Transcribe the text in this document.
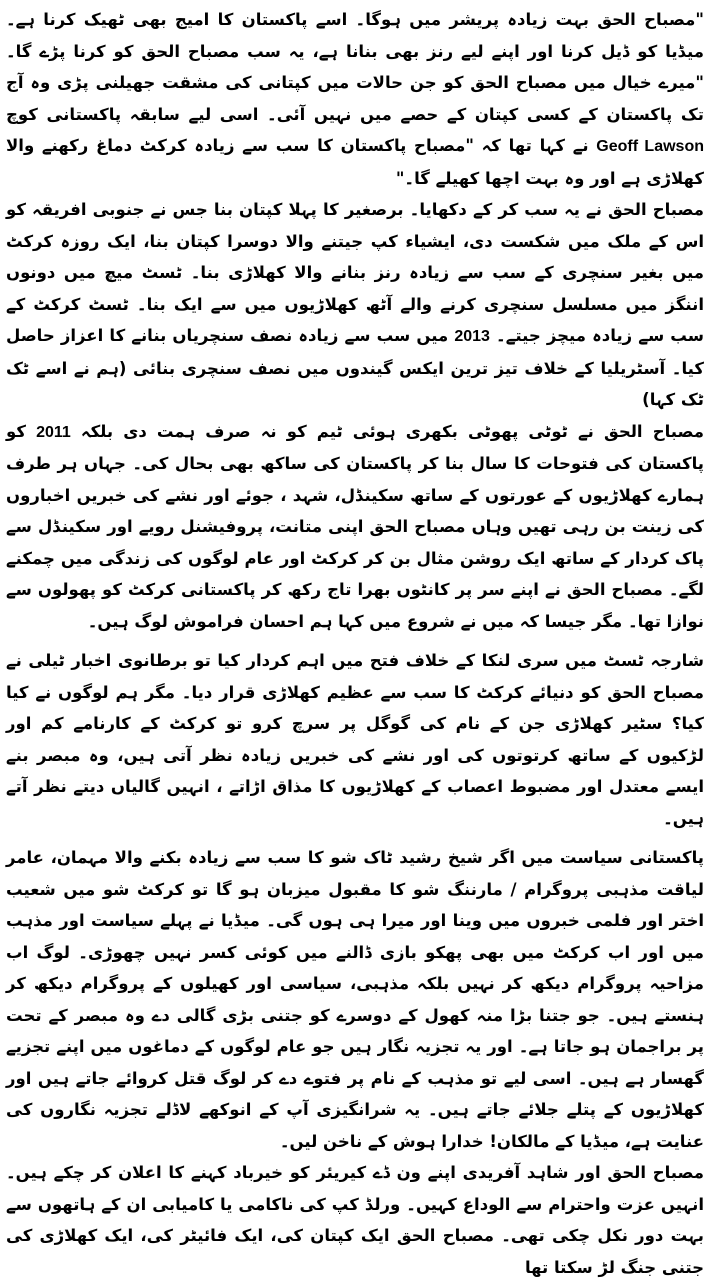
"مصباح الحق بہت زیادہ پریشر میں ہوگا۔ اسے پاکستان کا امیج بھی ٹھیک کرنا ہے۔ میڈیا کو ڈیل کرنا اور اپنے لیے رنز بھی بنانا ہے، یہ سب مصباح الحق کو کرنا پڑے گا۔ "میرے خیال میں مصباح الحق کو جن حالات میں کپتانی کی مشقت جھیلنی پڑی وہ آج تک پاکستان کے کسی کپتان کے حصے میں نہیں آئی۔ اسی لیے سابقہ پاکستانی کوچ Geoff Lawson نے کہا تھا کہ "مصباح پاکستان کا سب سے زیادہ کرکٹ دماغ رکھنے والا کھلاڑی ہے اور وہ بہت اچھا کھیلے گا۔"

مصباح الحق نے یہ سب کر کے دکھایا۔ برصغیر کا پہلا کپتان بنا جس نے جنوبی افریقہ کو اس کے ملک میں شکست دی، ایشیاء کپ جیتنے والا دوسرا کپتان بنا، ایک روزہ کرکٹ میں بغیر سنچری کے سب سے زیادہ رنز بنانے والا کھلاڑی بنا۔ ٹسٹ میچ میں دونوں اننگز میں مسلسل سنچری کرنے والے آٹھ کھلاڑیوں میں سے ایک بنا۔ ٹسٹ کرکٹ کے سب سے زیادہ میچز جیتے۔ 2013 میں سب سے زیادہ نصف سنچریاں بنانے کا اعزاز حاصل کیا۔ آسٹریلیا کے خلاف تیز ترین ایکس گیندوں میں نصف سنچری بنائی (ہم نے اسے ٹک ٹک کہا)

مصباح الحق نے ٹوٹی پھوٹی بکھری ہوئی ٹیم کو نہ صرف ہمت دی بلکہ 2011 کو پاکستان کی فتوحات کا سال بنا کر پاکستان کی ساکھ بھی بحال کی۔ جہاں ہر طرف ہمارے کھلاڑیوں کے عورتوں کے ساتھ سکینڈل، شہد ، جوئے اور نشے کی خبریں اخباروں کی زینت بن رہی تھیں وہاں مصباح الحق اپنی متانت، پروفیشنل رویے اور سکینڈل سے پاک کردار کے ساتھ ایک روشن مثال بن کر کرکٹ اور عام لوگوں کی زندگی میں چمکنے لگے۔ مصباح الحق نے اپنے سر پر کانٹوں بھرا تاج رکھ کر پاکستانی کرکٹ کو پھولوں سے نوازا تھا۔ مگر جیسا کہ میں نے شروع میں کہا ہم احسان فراموش لوگ ہیں۔

شارجہ ٹسٹ میں سری لنکا کے خلاف فتح میں اہم کردار کیا تو برطانوی اخبار ٹیلی نے مصباح الحق کو دنیائے کرکٹ کا سب سے عظیم کھلاڑی قرار دیا۔ مگر ہم لوگوں نے کیا کیا؟ سٹیر کھلاڑی جن کے نام کی گوگل پر سرچ کرو تو کرکٹ کے کارنامے کم اور لڑکیوں کے ساتھ کرتوتوں کی اور نشے کی خبریں زیادہ نظر آتی ہیں، وہ مبصر بنے ایسے معتدل اور مضبوط اعصاب کے کھلاڑیوں کا مذاق اڑاتے ، انہیں گالیاں دیتے نظر آتے ہیں۔

پاکستانی سیاست میں اگر شیخ رشید ٹاک شو کا سب سے زیادہ بکنے والا مہمان، عامر لیاقت مذہبی پروگرام / مارننگ شو کا مقبول میزبان ہو گا تو کرکٹ شو میں شعیب اختر اور فلمی خبروں میں وینا اور میرا ہی ہوں گی۔ میڈیا نے پہلے سیاست اور مذہب میں اور اب کرکٹ میں بھی پھکو بازی ڈالنے میں کوئی کسر نہیں چھوڑی۔ لوگ اب مزاحیہ پروگرام دیکھ کر نہیں بلکہ مذہبی، سیاسی اور کھیلوں کے پروگرام دیکھ کر ہنستے ہیں۔ جو جتنا بڑا منہ کھول کے دوسرے کو جتنی بڑی گالی دے وہ مبصر کے تحت پر براجمان ہو جاتا ہے۔ اور یہ تجزیہ نگار ہیں جو عام لوگوں کے دماغوں میں اپنے تجزیے گھسار ہے ہیں۔ اسی لیے تو مذہب کے نام پر فتوے دے کر لوگ قتل کروائے جاتے ہیں اور کھلاڑیوں کے پتلے جلائے جاتے ہیں۔ یہ شرانگیزی آپ کے انوکھے لاڈلے تجزیہ نگاروں کی عنایت ہے، میڈیا کے مالکان! خدارا ہوش کے ناخن لیں۔

مصباح الحق اور شاہد آفریدی اپنے ون ڈے کیریئر کو خیرباد کہنے کا اعلان کر چکے ہیں۔ انہیں عزت واحترام سے الوداع کہیں۔ ورلڈ کپ کی ناکامی یا کامیابی ان کے ہاتھوں سے بہت دور نکل چکی تھی۔ مصباح الحق ایک کپتان کی، ایک فائیٹر کی، ایک کھلاڑی کی جتنی جنگ لڑ سکتا تھا
